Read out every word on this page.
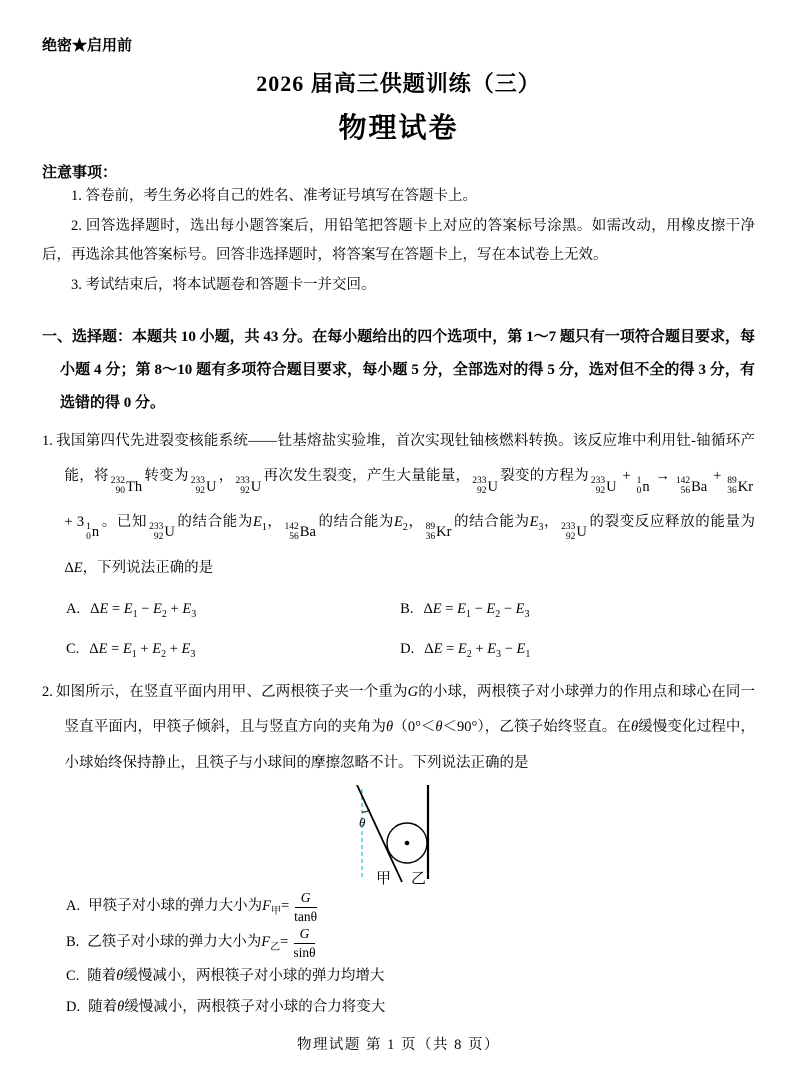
绝密★启用前
2026 届高三供题训练（三）
物理试卷
注意事项：

1. 答卷前，考生务必将自己的姓名、准考证号填写在答题卡上。

2. 回答选择题时，选出每小题答案后，用铅笔把答题卡上对应的答案标号涂黑。如需改动，用橡皮擦干净后，再选涂其他答案标号。回答非选择题时，将答案写在答题卡上，写在本试卷上无效。

3. 考试结束后，将本试题卷和答题卡一并交回。

一、选择题：本题共 10 小题，共 43 分。在每小题给出的四个选项中，第 1～7 题只有一项符合题目要求，每小题 4 分；第 8～10 题有多项符合题目要求，每小题 5 分，全部选对的得 5 分，选对但不全的得 3 分，有选错的得 0 分。

1. 我国第四代先进裂变核能系统——钍基熔盐实验堆，首次实现钍铀核燃料转换。该反应堆中利用钍-铀循环产能，将 232
90 Th
转变为 233
92 U
， 233
92 U
再次发生裂变，产生大量能量， 233
92 U
裂变的方程为 233
92 U
+ 1
0 n
→ 142
56 Ba
+ 89
36 Kr
+ 3 1
0 n
。已知 233
92 U
的结合能为$E_1$， 142
56 Ba
的结合能为$E_2$， 89
36 Kr
的结合能为$E_3$， 233
92 U
的裂变反应释放的能量为ΔE，下列说法正确的是

A. $\Delta E = E_1 - E_2 + E_3$	B. $\Delta E = E_1 - E_2 - E_3$
C. $\Delta E = E_1 + E_2 + E_3$	D. $\Delta E = E_2 + E_3 - E_1$

2. 如图所示，在竖直平面内用甲、乙两根筷子夹一个重为G的小球，两根筷子对小球弹力的作用点和球心在同一竖直平面内，甲筷子倾斜，且与竖直方向的夹角为θ（0°＜θ＜90°），乙筷子始终竖直。在θ缓慢变化过程中，小球始终保持静止，且筷子与小球间的摩擦忽略不计。下列说法正确的是

θ
甲 乙
A. 甲筷子对小球的弹力大小为 $F_甲 = \frac{G}{\tan\theta}$
B. 乙筷子对小球的弹力大小为 $F_乙 = \frac{G}{\sin\theta}$
C. 随着 θ 缓慢减小，两根筷子对小球的弹力均增大
D. 随着 θ 缓慢减小，两根筷子对小球的合力将变大
物理试题 第 1 页（共 8 页）
